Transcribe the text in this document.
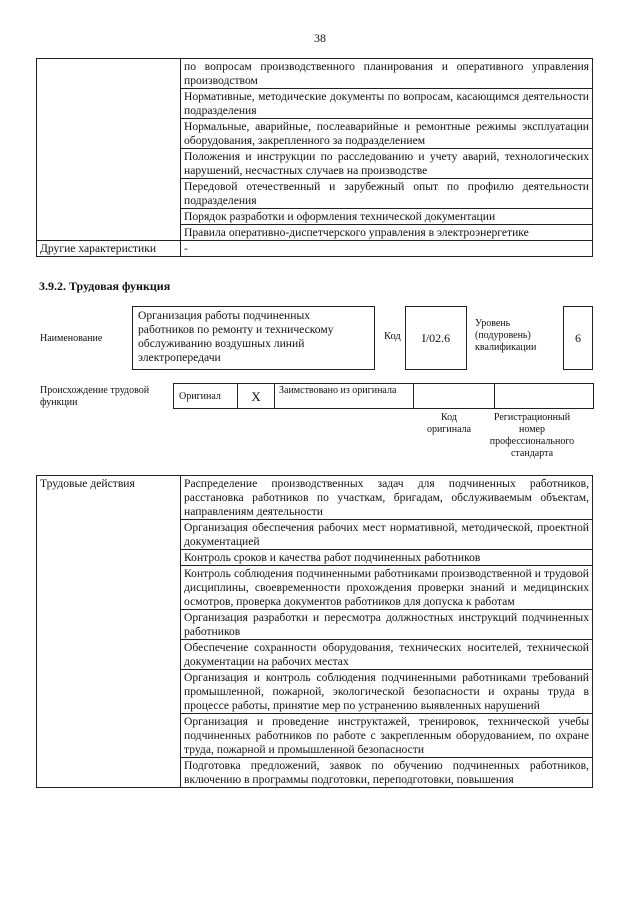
38
	по вопросам производственного планирования и оперативного управления производством
	Нормативные, методические документы по вопросам, касающимся деятельности подразделения
	Нормальные, аварийные, послеаварийные и ремонтные режимы эксплуатации оборудования, закрепленного за подразделением
	Положения и инструкции по расследованию и учету аварий, технологических нарушений, несчастных случаев на производстве
	Передовой отечественный и зарубежный опыт по профилю деятельности подразделения
	Порядок разработки и оформления технической документации
	Правила оперативно-диспетчерского управления в электроэнергетике
Другие характеристики	-
3.9.2. Трудовая функция
Наименование
Организация работы подчиненных работников по ремонту и техническому обслуживанию воздушных линий электропередачи
Код	I/02.6
Уровень (подуровень) квалификации
6
Происхождение трудовой функции
Оригинал	X	Заимствовано из оригинала
Код оригинала
Регистрационный номер профессионального стандарта
Трудовые действия	Распределение производственных задач для подчиненных работников, расстановка работников по участкам, бригадам, обслуживаемым объектам, направлениям деятельности
Организация обеспечения рабочих мест нормативной, методической, проектной документацией
Контроль сроков и качества работ подчиненных работников
Контроль соблюдения подчиненными работниками производственной и трудовой дисциплины, своевременности прохождения проверки знаний и медицинских осмотров, проверка документов работников для допуска к работам
Организация разработки и пересмотра должностных инструкций подчиненных работников
Обеспечение сохранности оборудования, технических носителей, технической документации на рабочих местах
Организация и контроль соблюдения подчиненными работниками требований промышленной, пожарной, экологической безопасности и охраны труда в процессе работы, принятие мер по устранению выявленных нарушений
Организация и проведение инструктажей, тренировок, технической учебы подчиненных работников по работе с закрепленным оборудованием, по охране труда, пожарной и промышленной безопасности
Подготовка предложений, заявок по обучению подчиненных работников, включению в программы подготовки, переподготовки, повышения
